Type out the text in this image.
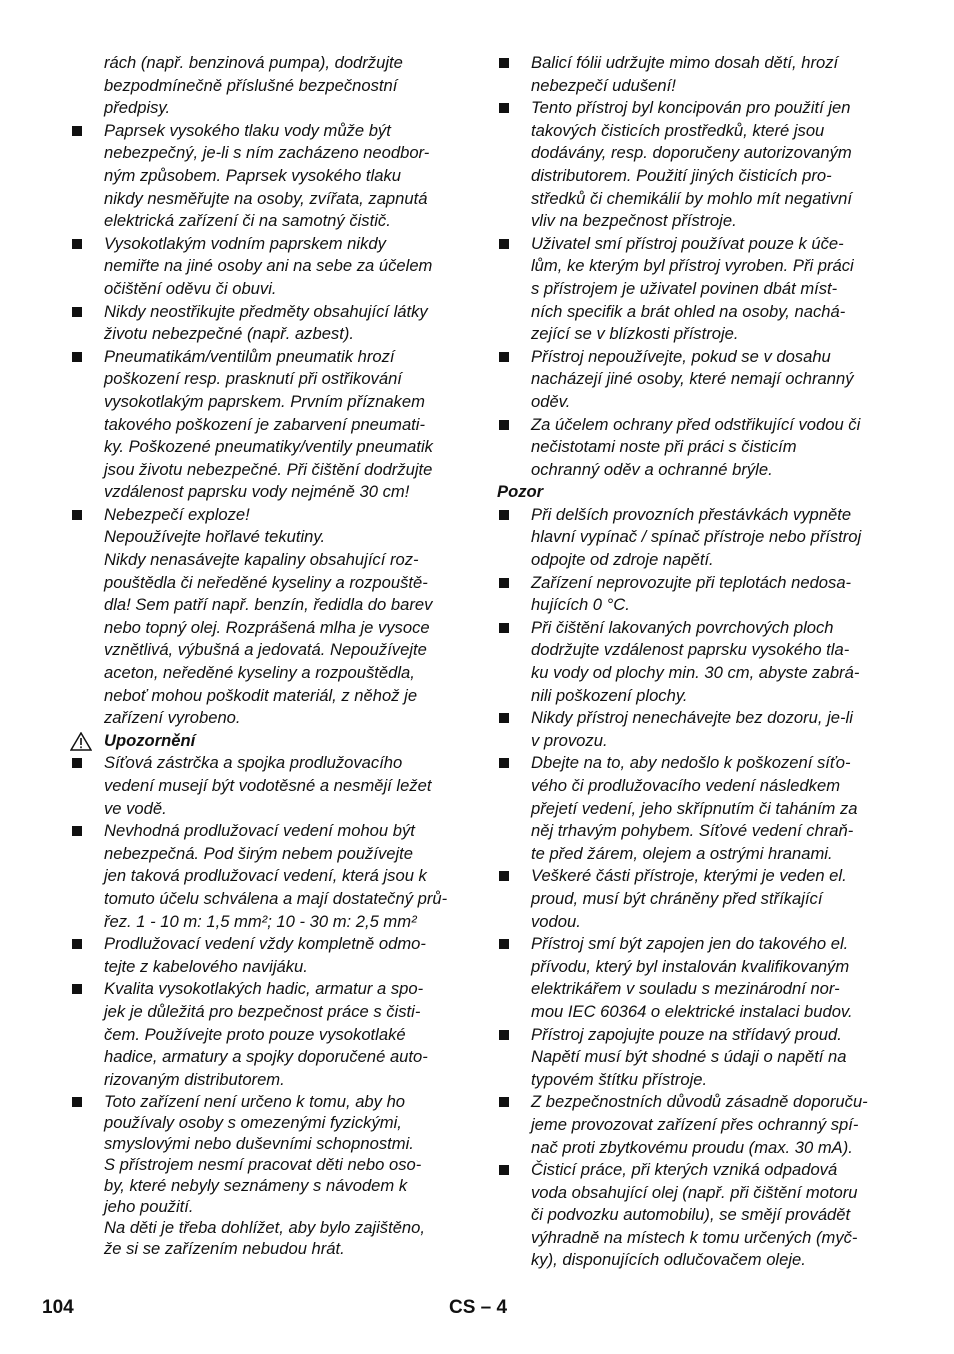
rách (např. benzinová pumpa), dodržujte
bezpodmínečně příslušné bezpečnostní
předpisy.
Paprsek vysokého tlaku vody může být
nebezpečný, je-li s ním zacházeno neodbor-
ným způsobem. Paprsek vysokého tlaku
nikdy nesměřujte na osoby, zvířata, zapnutá
elektrická zařízení či na samotný čistič.
Vysokotlakým vodním paprskem nikdy
nemiřte na jiné osoby ani na sebe za účelem
očištění oděvu či obuvi.
Nikdy neostřikujte předměty obsahující látky
životu nebezpečné (např. azbest).
Pneumatikám/ventilům pneumatik hrozí
poškození resp. prasknutí při ostřikování
vysokotlakým paprskem. Prvním příznakem
takového poškození je zabarvení pneumati-
ky. Poškozené pneumatiky/ventily pneumatik
jsou životu nebezpečné. Při čištění dodržujte
vzdálenost paprsku vody nejméně 30 cm!
Nebezpečí exploze!
Nepoužívejte hořlavé tekutiny.
Nikdy nenasávejte kapaliny obsahující roz-
pouštědla či neředěné kyseliny a rozpouště-
dla! Sem patří např. benzín, ředidla do barev
nebo topný olej. Rozprášená mlha je vysoce
vznětlivá, výbušná a jedovatá. Nepoužívejte
aceton, neředěné kyseliny a rozpouštědla,
neboť mohou poškodit materiál, z něhož je
zařízení vyrobeno.
Upozornění
Síťová zástrčka a spojka prodlužovacího
vedení musejí být vodotěsné a nesmějí ležet
ve vodě.
Nevhodná prodlužovací vedení mohou být
nebezpečná. Pod širým nebem používejte
jen taková prodlužovací vedení, která jsou k
tomuto účelu schválena a mají dostatečný prů-
řez. 1 - 10 m: 1,5 mm²; 10 - 30 m: 2,5 mm²
Prodlužovací vedení vždy kompletně odmo-
tejte z kabelového navijáku.
Kvalita vysokotlakých hadic, armatur a spo-
jek je důležitá pro bezpečnost práce s čisti-
čem. Používejte proto pouze vysokotlaké
hadice, armatury a spojky doporučené auto-
rizovaným distributorem.
Toto zařízení není určeno k tomu, aby ho
používaly osoby s omezenými fyzickými,
smyslovými nebo duševními schopnostmi.
S přístrojem nesmí pracovat děti nebo oso-
by, které nebyly seznámeny s návodem k
jeho použití.
Na děti je třeba dohlížet, aby bylo zajištěno,
že si se zařízením nebudou hrát.
Balicí fólii udržujte mimo dosah dětí, hrozí
nebezpečí udušení!
Tento přístroj byl koncipován pro použití jen
takových čisticích prostředků, které jsou
dodávány, resp. doporučeny autorizovaným
distributorem. Použití jiných čisticích pro-
středků či chemikálií by mohlo mít negativní
vliv na bezpečnost přístroje.
Uživatel smí přístroj používat pouze k úče-
lům, ke kterým byl přístroj vyroben. Při práci
s přístrojem je uživatel povinen dbát míst-
ních specifik a brát ohled na osoby, nachá-
zející se v blízkosti přístroje.
Přístroj nepoužívejte, pokud se v dosahu
nacházejí jiné osoby, které nemají ochranný
oděv.
Za účelem ochrany před odstřikující vodou či
nečistotami noste při práci s čisticím
ochranný oděv a ochranné brýle.
Pozor
Při delších provozních přestávkách vypněte
hlavní vypínač / spínač přístroje nebo přístroj
odpojte od zdroje napětí.
Zařízení neprovozujte při teplotách nedosa-
hujících 0 °C.
Při čištění lakovaných povrchových ploch
dodržujte vzdálenost paprsku vysokého tla-
ku vody od plochy min. 30 cm, abyste zabrá-
nili poškození plochy.
Nikdy přístroj nenechávejte bez dozoru, je-li
v provozu.
Dbejte na to, aby nedošlo k poškození síťo-
vého či prodlužovacího vedení následkem
přejetí vedení, jeho skřípnutím či taháním za
něj trhavým pohybem. Síťové vedení chraň-
te před žárem, olejem a ostrými hranami.
Veškeré části přístroje, kterými je veden el.
proud, musí být chráněny před stříkající
vodou.
Přístroj smí být zapojen jen do takového el.
přívodu, který byl instalován kvalifikovaným
elektrikářem v souladu s mezinárodní nor-
mou IEC 60364 o elektrické instalaci budov.
Přístroj zapojujte pouze na střídavý proud.
Napětí musí být shodné s údaji o napětí na
typovém štítku přístroje.
Z bezpečnostních důvodů zásadně doporuču-
jeme provozovat zařízení přes ochranný spí-
nač proti zbytkovému proudu (max. 30 mA).
Čisticí práce, při kterých vzniká odpadová
voda obsahující olej (např. při čištění motoru
či podvozku automobilu), se smějí provádět
výhradně na místech k tomu určených (myč-
ky), disponujících odlučovačem oleje.
104	CS – 4
